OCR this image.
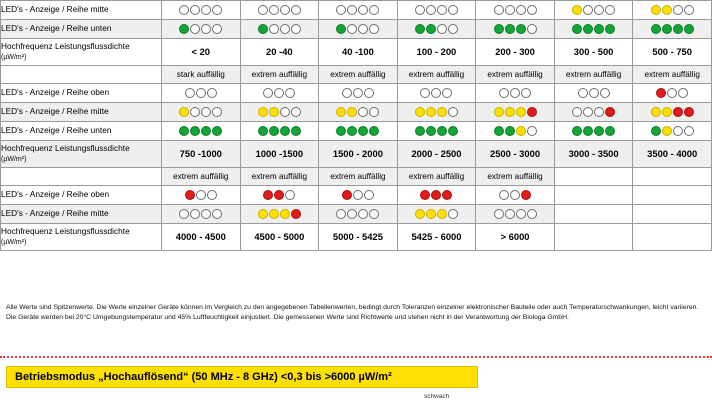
LED's - Anzeige / Reihe mitte							
LED's - Anzeige / Reihe unten							
Hochfrequenz Leistungsflussdichte
(µW/m²)	< 20	20 -40	40 -100	100 - 200	200 - 300	300 - 500	500 - 750
	stark auffällig	extrem auffällig	extrem auffällig	extrem auffällig	extrem auffällig	extrem auffällig	extrem auffällig
LED's - Anzeige / Reihe oben							
LED's - Anzeige / Reihe mitte							
LED's - Anzeige / Reihe unten							
Hochfrequenz Leistungsflussdichte
(µW/m²)	750 -1000	1000 -1500	1500 - 2000	2000 - 2500	2500 - 3000	3000 - 3500	3500 - 4000
	extrem auffällig	extrem auffällig	extrem auffällig	extrem auffällig	extrem auffällig		
LED's - Anzeige / Reihe oben							
LED's - Anzeige / Reihe mitte							
Hochfrequenz Leistungsflussdichte
(µW/m²)	4000 - 4500	4500 - 5000	5000 - 5425	5425 - 6000	> 6000		
Alle Werte sind Spitzenwerte. Die Werte einzelner Geräte können im Vergleich zu den angegebenen Tabellenwerten, bedingt durch Toleranzen einzelner elektronischer Bauteile oder auch Temperaturschwankungen, leicht variieren. Die Geräte werden bei 20°C Umgebungstemperatur und 45% Luftfeuchtigkeit einjustiert. Die gemessenen Werte sind Richtwerte und stehen nicht in der Verantwortung der Biologa GmbH.
Betriebsmodus „Hochauflösend“ (50 MHz - 8 GHz) <0,3 bis >6000 µW/m²
schwach
